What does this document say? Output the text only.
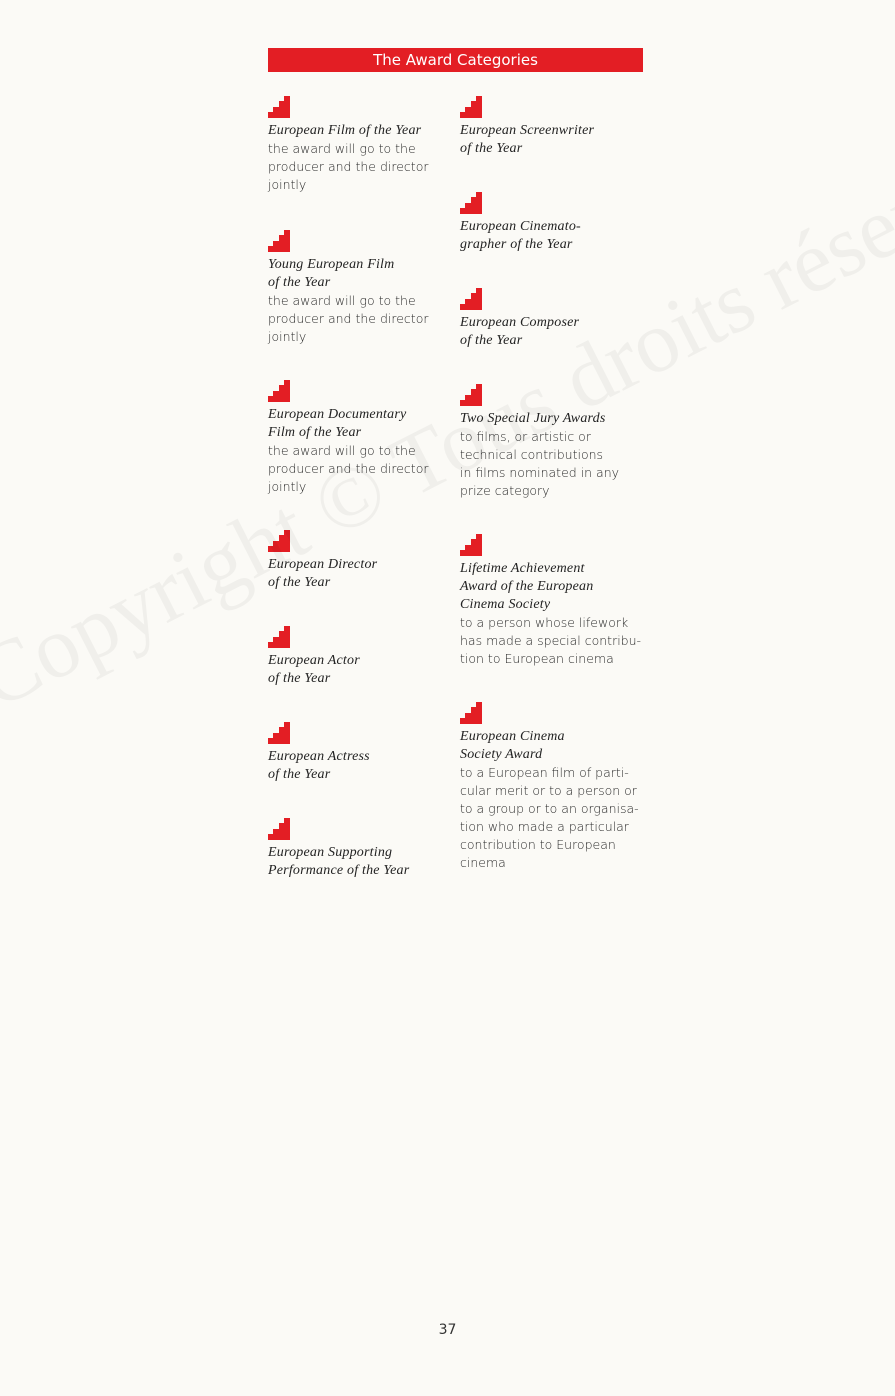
The Award Categories
European Film of the Year
the award will go to the
producer and the director
jointly
Young European Film
of the Year
the award will go to the
producer and the director
jointly
European Documentary
Film of the Year
the award will go to the
producer and the director
jointly
European Director
of the Year
European Actor
of the Year
European Actress
of the Year
European Supporting
Performance of the Year
European Screenwriter
of the Year
European Cinemato-
grapher of the Year
European Composer
of the Year
Two Special Jury Awards
to films, or artistic or
technical contributions
in films nominated in any
prize category
Lifetime Achievement
Award of the European
Cinema Society
to a person whose lifework
has made a special contribu-
tion to European cinema
European Cinema
Society Award
to a European film of parti-
cular merit or to a person or
to a group or to an organisa-
tion who made a particular
contribution to European
cinema
37
